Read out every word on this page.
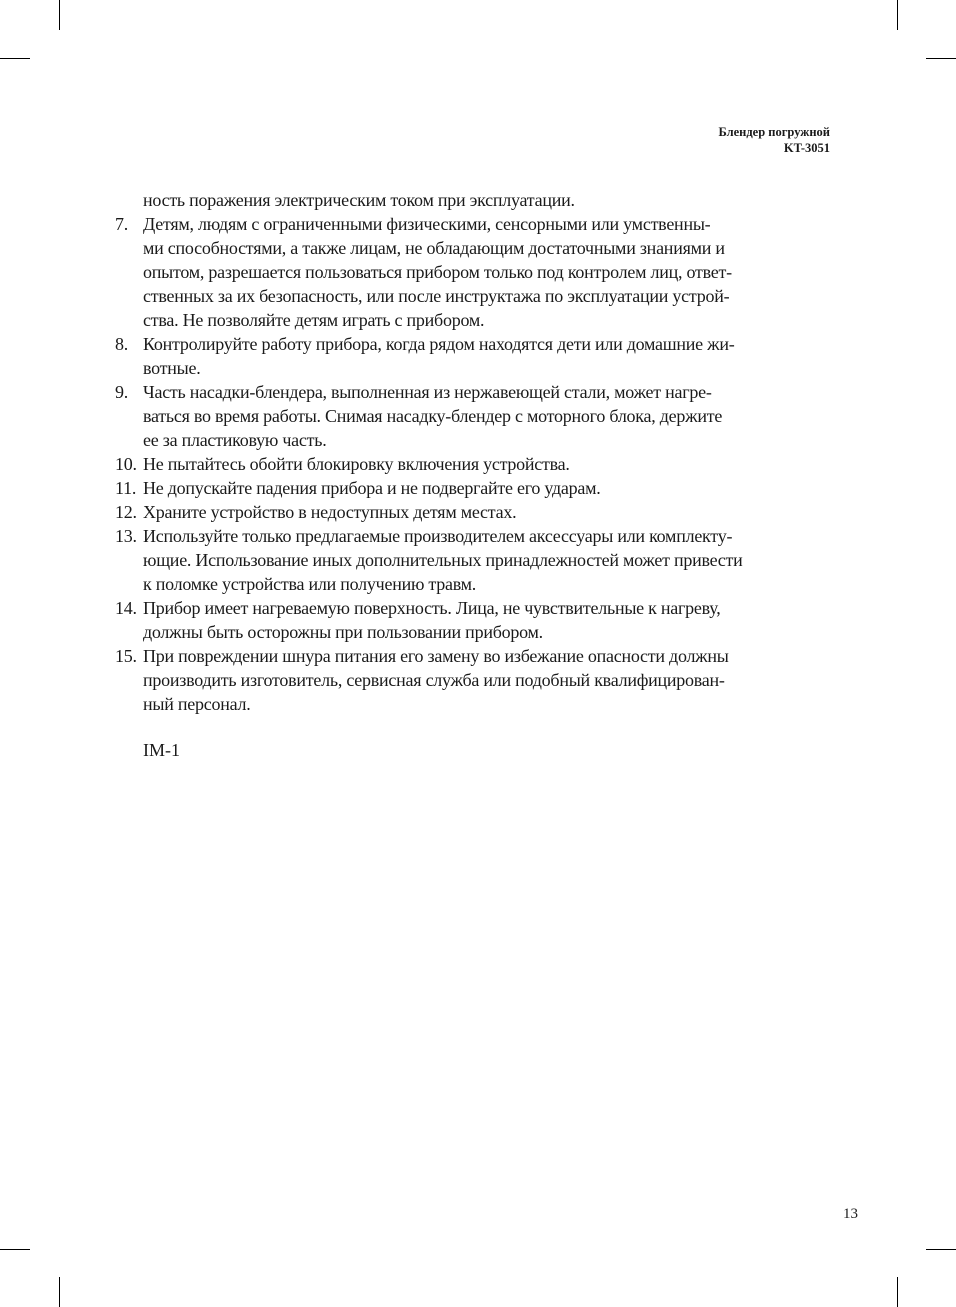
Блендер погружной
KT-3051
ность поражения электрическим током при эксплуатации.
7. Детям, людям с ограниченными физическими, сенсорными или умственны-
ми способностями, а также лицам, не обладающим достаточными знаниями и
опытом, разрешается пользоваться прибором только под контролем лиц, ответ-
ственных за их безопасность, или после инструктажа по эксплуатации устрой-
ства. Не позволяйте детям играть с прибором.
8. Контролируйте работу прибора, когда рядом находятся дети или домашние жи-
вотные.
9. Часть насадки-блендера, выполненная из нержавеющей стали, может нагре-
ваться во время работы. Снимая насадку-блендер с моторного блока, держите
ее за пластиковую часть.
10. Не пытайтесь обойти блокировку включения устройства.
11. Не допускайте падения прибора и не подвергайте его ударам.
12. Храните устройство в недоступных детям местах.
13. Используйте только предлагаемые производителем аксессуары или комплекту-
ющие. Использование иных дополнительных принадлежностей может привести
к поломке устройства или получению травм.
14. Прибор имеет нагреваемую поверхность. Лица, не чувствительные к нагреву,
должны быть осторожны при пользовании прибором.
15. При повреждении шнура питания его замену во избежание опасности должны
производить изготовитель, сервисная служба или подобный квалифицирован-
ный персонал.
IM-1
13
